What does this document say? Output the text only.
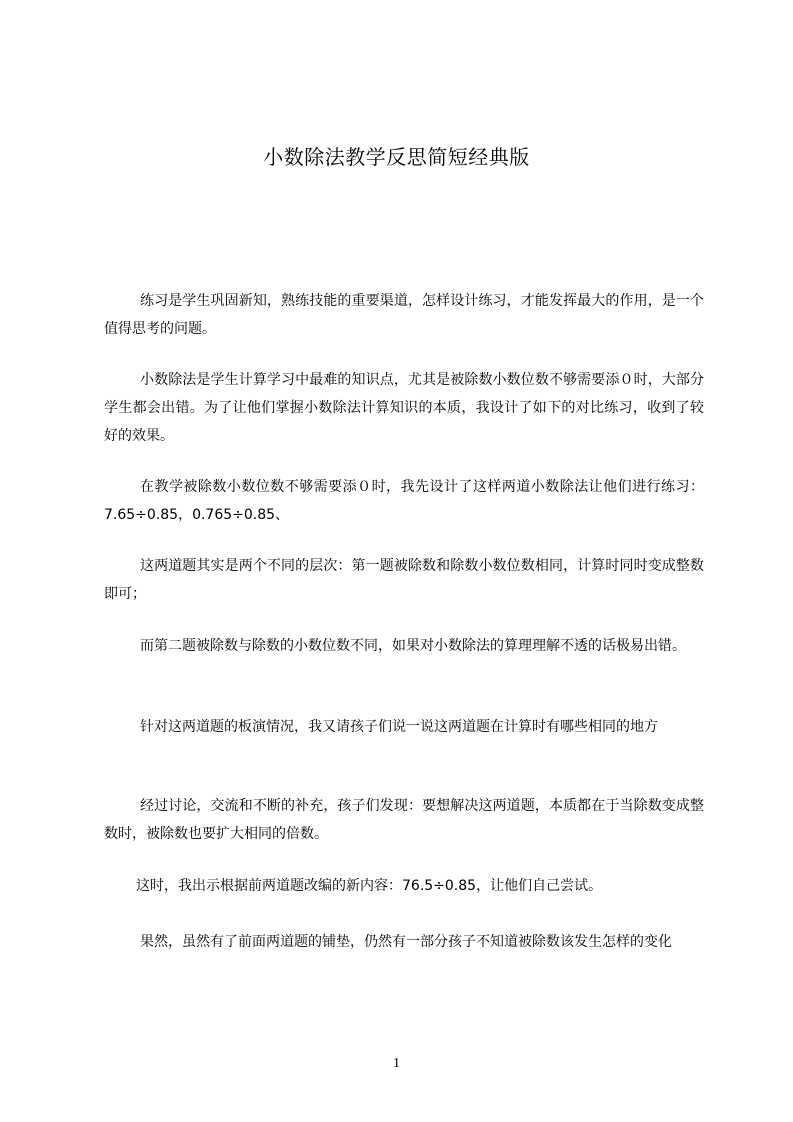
小数除法教学反思简短经典版

练习是学生巩固新知，熟练技能的重要渠道，怎样设计练习，才能发挥最大的作用，是一个值得思考的问题。

小数除法是学生计算学习中最难的知识点，尤其是被除数小数位数不够需要添０时，大部分学生都会出错。为了让他们掌握小数除法计算知识的本质，我设计了如下的对比练习，收到了较好的效果。

在教学被除数小数位数不够需要添０时，我先设计了这样两道小数除法让他们进行练习：7.65÷0.85，0.765÷0.85、

这两道题其实是两个不同的层次：第一题被除数和除数小数位数相同，计算时同时变成整数即可；

而第二题被除数与除数的小数位数不同，如果对小数除法的算理理解不透的话极易出错。

针对这两道题的板演情况，我又请孩子们说一说这两道题在计算时有哪些相同的地方

经过讨论，交流和不断的补充，孩子们发现：要想解决这两道题，本质都在于当除数变成整数时，被除数也要扩大相同的倍数。

这时，我出示根据前两道题改编的新内容：76.5÷0.85，让他们自己尝试。

果然，虽然有了前面两道题的铺垫，仍然有一部分孩子不知道被除数该发生怎样的变化

1
